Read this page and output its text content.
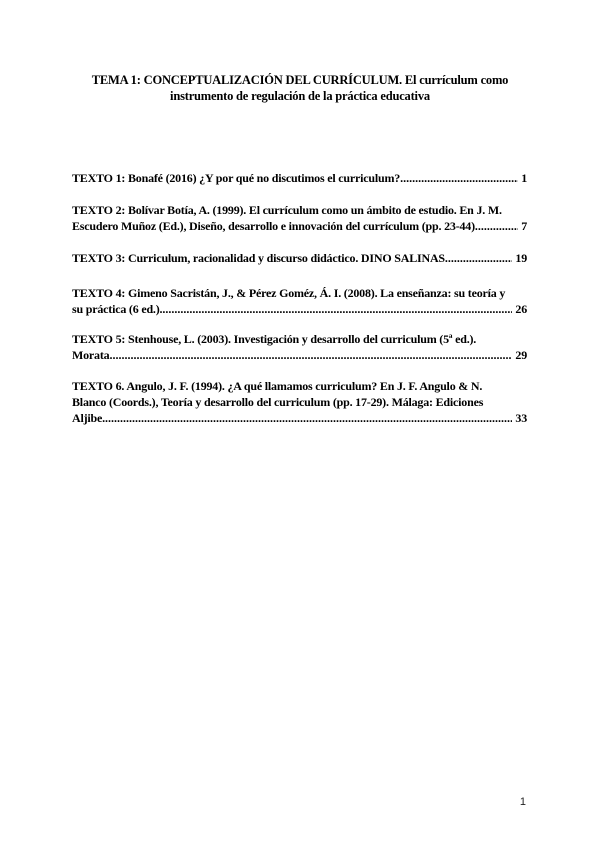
TEMA 1: CONCEPTUALIZACIÓN DEL CURRÍCULUM. El currículum como
instrumento de regulación de la práctica educativa
TEXTO 1: Bonafé (2016) ¿Y por qué no discutimos el curriculum? .....	1
TEXTO 2: Bolívar Botía, A. (1999). El currículum como un ámbito de estudio. En J. M.
Escudero Muñoz (Ed.), Diseño, desarrollo e innovación del currículum (pp. 23-44) .....	7
TEXTO 3: Curriculum, racionalidad y discurso didáctico. DINO SALINAS .....	19
TEXTO 4: Gimeno Sacristán, J., & Pérez Goméz, Á. I. (2008). La enseñanza: su teoría y
su práctica (6 ed.). .....	26
TEXTO 5: Stenhouse, L. (2003). Investigación y desarrollo del curriculum (5ª ed.).
Morata .....	29
TEXTO 6. Angulo, J. F. (1994). ¿A qué llamamos curriculum? En J. F. Angulo & N.
Blanco (Coords.), Teoría y desarrollo del curriculum (pp. 17-29). Málaga: Ediciones
Aljibe. .....	33
1
